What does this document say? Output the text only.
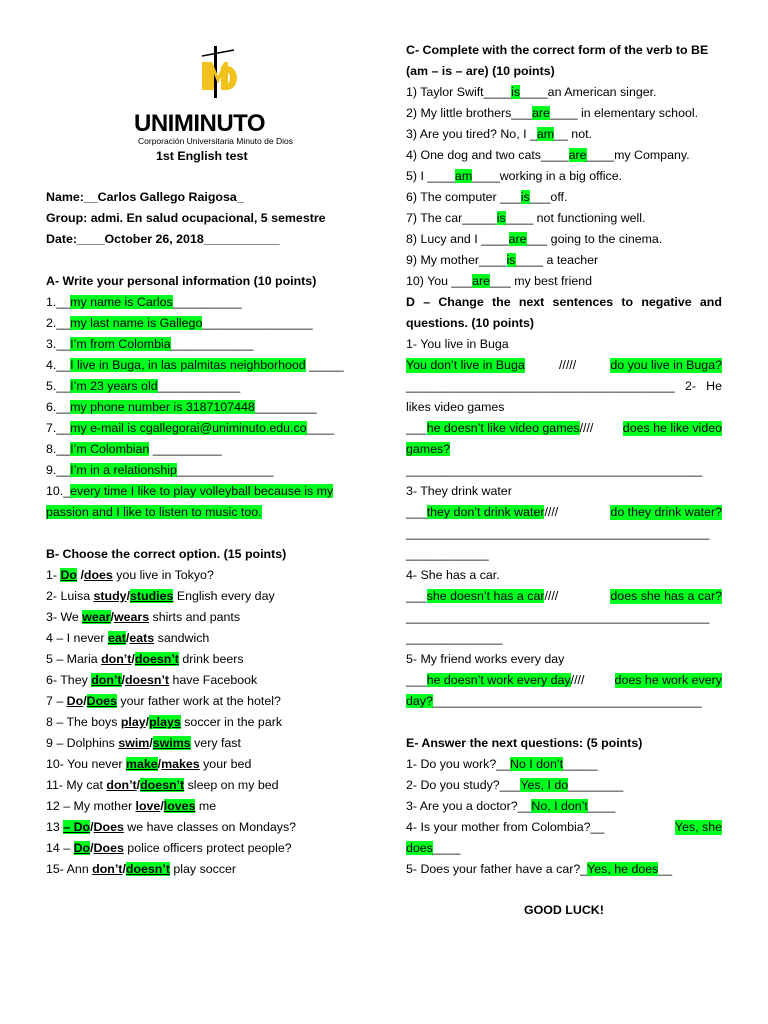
UNIMINUTO
Corporación Universitaria Minuto de Dios
1st English test
Name:__Carlos Gallego Raigosa_
Group: admi. En salud ocupacional, 5 semestre
Date:____October 26, 2018___________
A- Write your personal information (10 points)
1.__my name is Carlos__________
2.__my last name is Gallego________________
3.__I’m from Colombia____________
4.__I live in Buga, in las palmitas neighborhood _____
5.__I’m 23 years old____________
6.__my phone number is 3187107448_________
7.__my e-mail is cgallegorai@uniminuto.edu.co____
8.__I’m Colombian __________
9.__I’m in a relationship______________
10._every time I like to play volleyball because is my
passion and I like to listen to music too.
B- Choose the correct option. (15 points)
1- Do /does you live in Tokyo?
2- Luisa study/studies English every day
3- We wear/wears shirts and pants
4 – I never eat/eats sandwich
5 – Maria don’t/doesn’t drink beers
6- They don’t/doesn’t have Facebook
7 – Do/Does your father work at the hotel?
8 – The boys play/plays soccer in the park
9 – Dolphins swim/swims very fast
10- You never make/makes your bed
11- My cat don’t/doesn’t sleep on my bed
12 – My mother love/loves me
13 – Do/Does we have classes on Mondays?
14 – Do/Does police officers protect people?
15- Ann don’t/doesn’t play soccer
C- Complete with the correct form of the verb to BE
(am – is – are) (10 points)
1) Taylor Swift____is____an American singer.
2) My little brothers___are____ in elementary school.
3) Are you tired? No, I _am__ not.
4) One dog and two cats____are____my Company.
5) I ____am____working in a big office.
6) The computer ___is___off.
7) The car_____is____ not functioning well.
8) Lucy and I ____are___ going to the cinema.
9) My mother____is____ a teacher
10) You ___are___ my best friend
D – Change the next sentences to negative and
questions. (10 points)
1- You live in Buga
You don’t live in Buga	/////	do you live in Buga?
_______________________________________ 2- He
likes video games
___he doesn’t like video games//// does he like video
games?
___________________________________________
3- They drink water
___they don’t drink water////	do they drink water?
____________________________________________
____________
4- She has a car.
___she doesn’t has a car////	does she has a car?
____________________________________________
______________
5- My friend works every day
___he doesn’t work every day//// does he work every
day?_______________________________________
E- Answer the next questions: (5 points)
1- Do you work?__No I don’t_____
2- Do you study?___Yes, I do________
3- Are you a doctor?__No, I don’t____
4- Is your mother from Colombia?__	Yes, she
does____
5- Does your father have a car?_Yes, he does__
GOOD LUCK!
